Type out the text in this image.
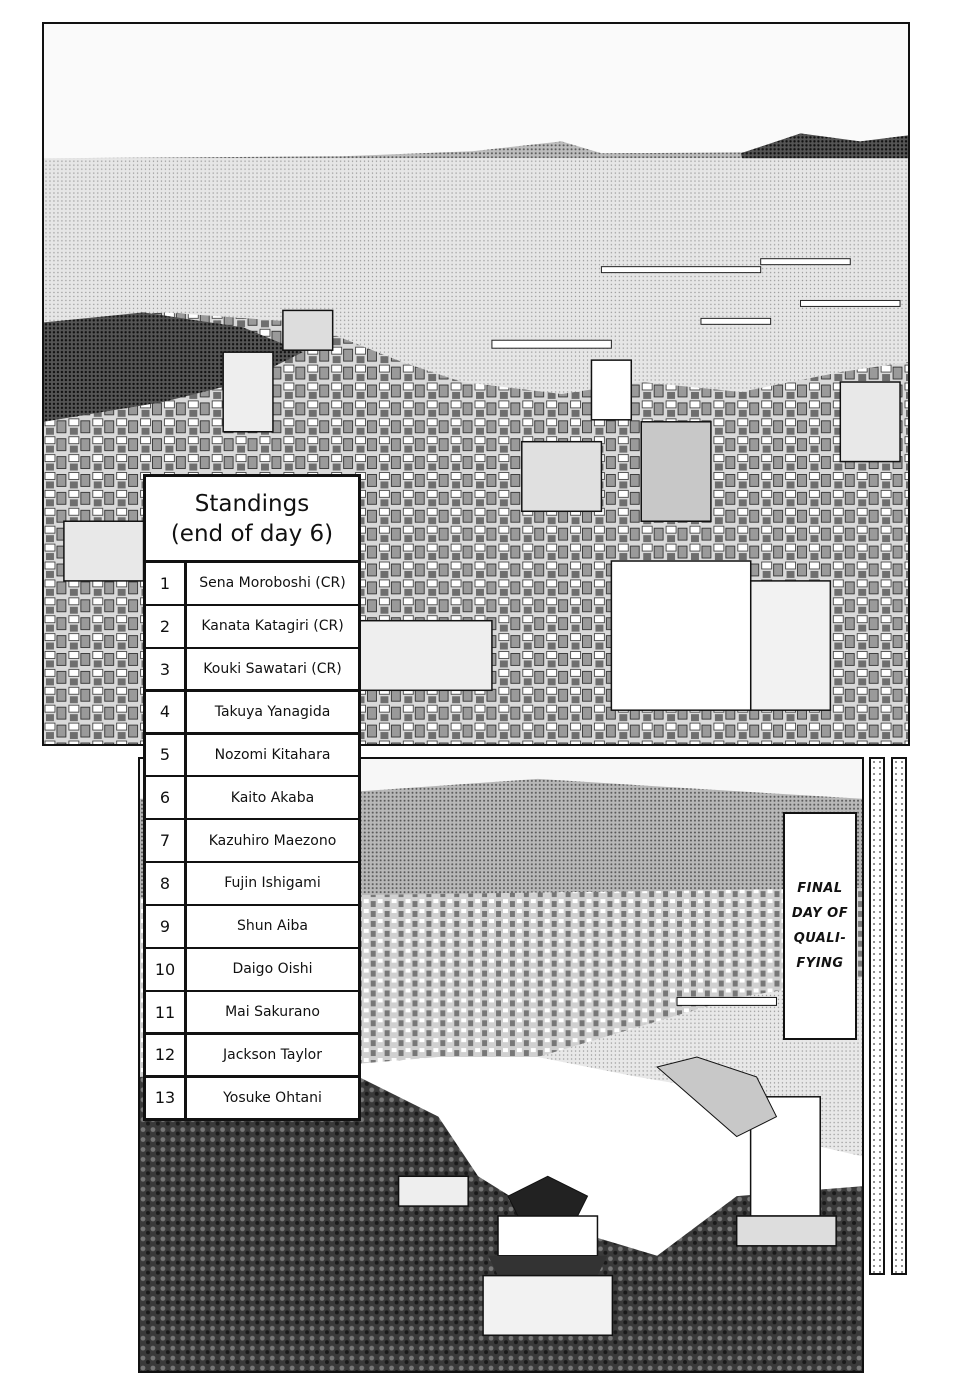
Standings
(end of day 6)
1	Sena Moroboshi (CR)
2	Kanata Katagiri (CR)
3	Kouki Sawatari (CR)
4	Takuya Yanagida
5	Nozomi Kitahara
6	Kaito Akaba
7	Kazuhiro Maezono
8	Fujin Ishigami
9	Shun Aiba
10	Daigo Oishi
11	Mai Sakurano
12	Jackson Taylor
13	Yosuke Ohtani
FINAL
DAY OF
QUALI-
FYING
